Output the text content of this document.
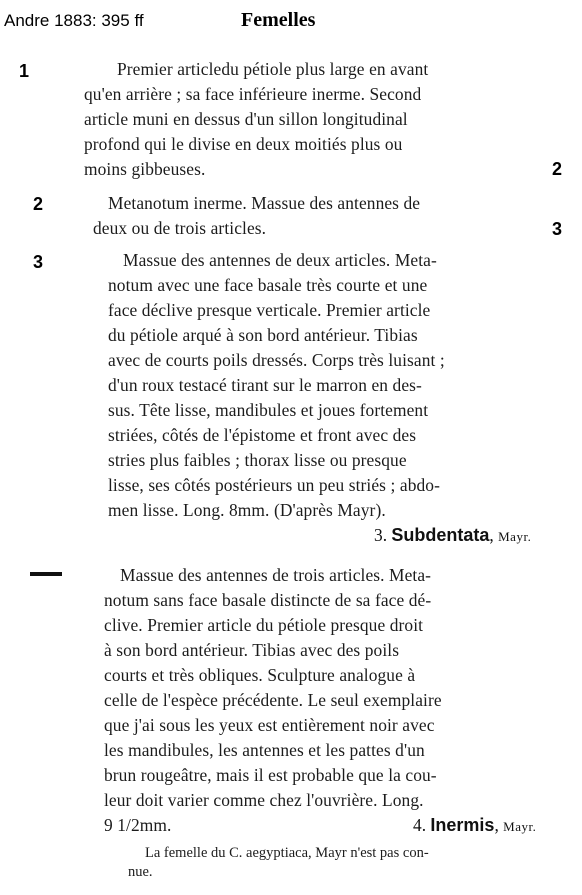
Andre 1883: 395 ff	Femelles
1	Premier articledu pétiole plus large en avant
qu'en arrière ; sa face inférieure inerme. Second
article muni en dessus d'un sillon longitudinal
profond qui le divise en deux moitiés plus ou
moins gibbeuses.	2
2	Metanotum inerme. Massue des antennes de
deux ou de trois articles.	3
3	Massue des antennes de deux articles. Meta-
notum avec une face basale très courte et une
face déclive presque verticale. Premier article
du pétiole arqué à son bord antérieur. Tibias
avec de courts poils dressés. Corps très luisant ;
d'un roux testacé tirant sur le marron en des-
sus. Tête lisse, mandibules et joues fortement
striées, côtés de l'épistome et front avec des
stries plus faibles ; thorax lisse ou presque
lisse, ses côtés postérieurs un peu striés ; abdo-
men lisse. Long. 8mm. (D'après Mayr).
3. Subdentata, Mayr.
Massue des antennes de trois articles. Meta-
notum sans face basale distincte de sa face dé-
clive. Premier article du pétiole presque droit
à son bord antérieur. Tibias avec des poils
courts et très obliques. Sculpture analogue à
celle de l'espèce précédente. Le seul exemplaire
que j'ai sous les yeux est entièrement noir avec
les mandibules, les antennes et les pattes d'un
brun rougeâtre, mais il est probable que la cou-
leur doit varier comme chez l'ouvrière. Long.
9 1/2mm.	4. Inermis, Mayr.
La femelle du C. aegyptiaca, Mayr n'est pas con-
nue.
